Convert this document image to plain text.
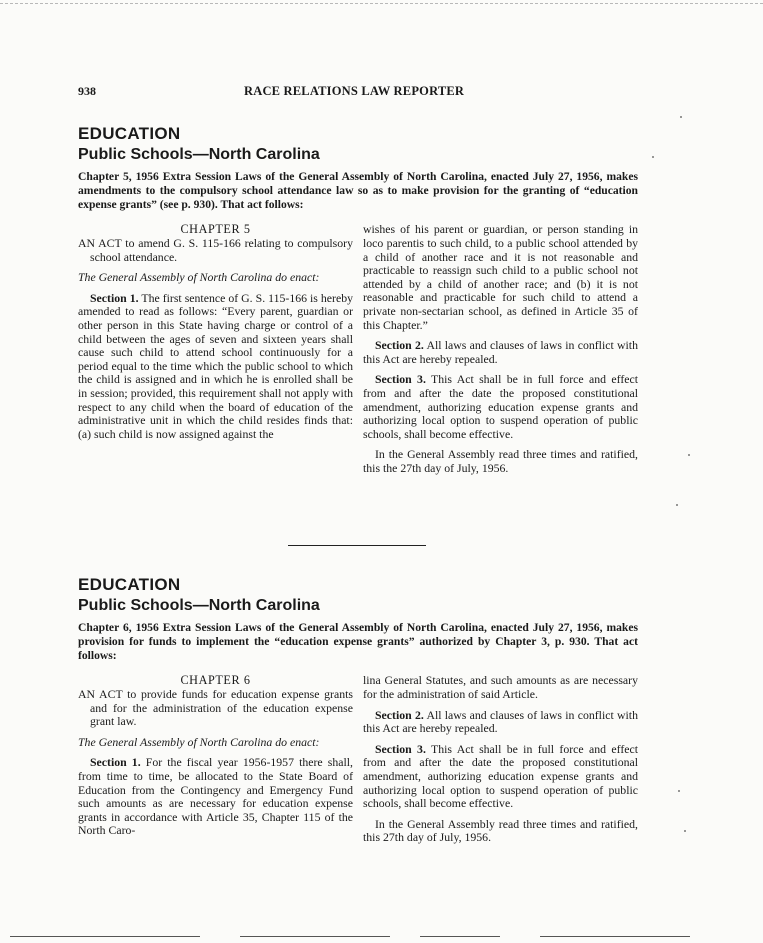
938	RACE RELATIONS LAW REPORTER
EDUCATION
Public Schools—North Carolina
Chapter 5, 1956 Extra Session Laws of the General Assembly of North Carolina, enacted July 27, 1956, makes amendments to the compulsory school attendance law so as to make provision for the granting of “education expense grants” (see p. 930). That act follows:

CHAPTER 5

AN ACT to amend G. S. 115-166 relating to compulsory school attendance.

The General Assembly of North Carolina do enact:

Section 1. The first sentence of G. S. 115-166 is hereby amended to read as follows: “Every parent, guardian or other person in this State having charge or control of a child between the ages of seven and sixteen years shall cause such child to attend school continuously for a period equal to the time which the public school to which the child is assigned and in which he is enrolled shall be in session; provided, this requirement shall not apply with respect to any child when the board of education of the administrative unit in which the child resides finds that: (a) such child is now assigned against the

wishes of his parent or guardian, or person standing in loco parentis to such child, to a public school attended by a child of another race and it is not reasonable and practicable to reassign such child to a public school not attended by a child of another race; and (b) it is not reasonable and practicable for such child to attend a private non-sectarian school, as defined in Article 35 of this Chapter.”

Section 2. All laws and clauses of laws in conflict with this Act are hereby repealed.

Section 3. This Act shall be in full force and effect from and after the date the proposed constitutional amendment, authorizing education expense grants and authorizing local option to suspend operation of public schools, shall become effective.

In the General Assembly read three times and ratified, this the 27th day of July, 1956.

EDUCATION
Public Schools—North Carolina
Chapter 6, 1956 Extra Session Laws of the General Assembly of North Carolina, enacted July 27, 1956, makes provision for funds to implement the “education expense grants” authorized by Chapter 3, p. 930. That act follows:

CHAPTER 6

AN ACT to provide funds for education expense grants and for the administration of the education expense grant law.

The General Assembly of North Carolina do enact:

Section 1. For the fiscal year 1956-1957 there shall, from time to time, be allocated to the State Board of Education from the Contingency and Emergency Fund such amounts as are necessary for education expense grants in accordance with Article 35, Chapter 115 of the North Caro-

lina General Statutes, and such amounts as are necessary for the administration of said Article.

Section 2. All laws and clauses of laws in conflict with this Act are hereby repealed.

Section 3. This Act shall be in full force and effect from and after the date the proposed constitutional amendment, authorizing education expense grants and authorizing local option to suspend operation of public schools, shall become effective.

In the General Assembly read three times and ratified, this 27th day of July, 1956.
